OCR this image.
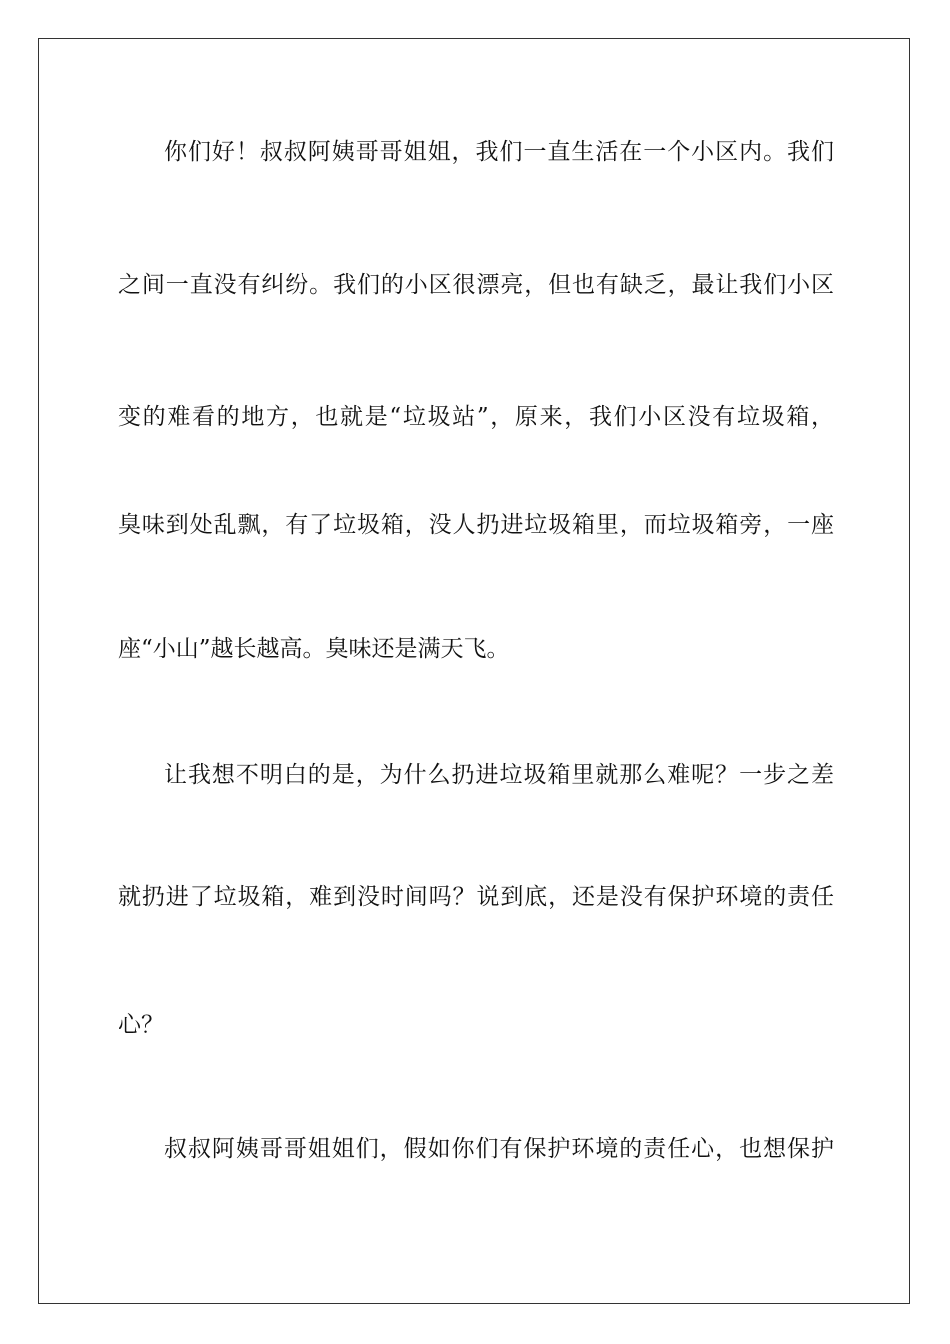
你们好！叔叔阿姨哥哥姐姐，我们一直生活在一个小区内。我们
之间一直没有纠纷。我们的小区很漂亮，但也有缺乏，最让我们小区
变的难看的地方，也就是“垃圾站”，原来，我们小区没有垃圾箱，
臭味到处乱飘，有了垃圾箱，没人扔进垃圾箱里，而垃圾箱旁，一座
座“小山”越长越高。臭味还是满天飞。
让我想不明白的是，为什么扔进垃圾箱里就那么难呢？一步之差
就扔进了垃圾箱，难到没时间吗？说到底，还是没有保护环境的责任
心？
叔叔阿姨哥哥姐姐们，假如你们有保护环境的责任心，也想保护
